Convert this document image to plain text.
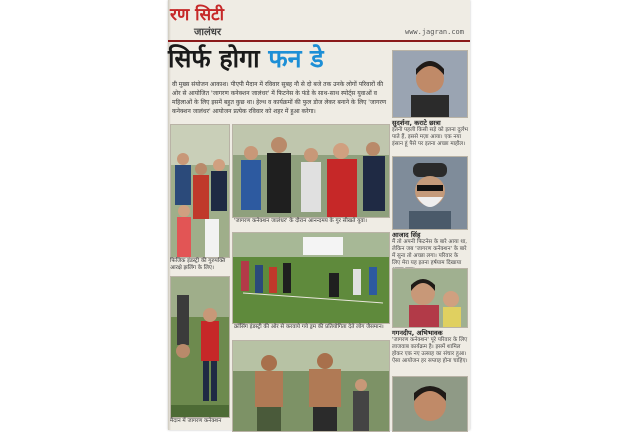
रण सिटी
जालंधर	www.jagran.com
सिर्फ होगा फन डे
वी मुख्य संयोजन आकाश। पीएपी मैदान में रविवार सुबह नौ से दो बजे तक उनके लोगों परिवारों की ओर से आयोजित 'जागरण कनेक्शन जालंधर' में फिटनेस के फंडे के साथ-साथ स्पोर्ट्स युवाओं व महिलाओं के लिए इसमें बहुत कुछ था। हेल्थ व कार्यक्रमों की फुल डोज लेकर बनाने के लिए 'जागरण कनेक्शन जालंधर' आयोजन प्रत्येक रविवार को शहर में हुआ करेगा।
फिजिक इंडस्ट्री की गुरुपक्ति आरक्षे झलिंग के लिए।
'जागरण कनेक्शन जालंधर' के दौरान आनन्दमय के गुर सीखते युवा।
क्रॉसिंग इंडस्ट्री की ओर से करवाये गये ड्रम की प्रतियोगिता देते लोग जैसमान।
मैदान में जागरण कनेक्शन
सुदर्शना, कराटे छात्रा
इतनी पहली किसी सड़े को इतना दुर्लभ पाते हैं, इससे मज़ा आया। एक नया इंसान हूं पैसे पर इतना अच्छा माहौल।
आजाद सिंह
मैं तो अपनी फिटनेस के बारे आया था, लेकिन जब 'जागरण कनेक्शन' के बारे में सुना तो अच्छा लगा। परिवार के लिए मेरा यह इतना हर्षयाम दिखाया
गगनदीप, अभिभावक
'जागरण कनेक्शन' पूरे परिवार के लिए लाजवाब कार्यक्रम है। इसमें शामिल होकर एक नए उत्साह का संचार हुआ। ऐसा आयोजन हर सप्ताह होना चाहिए।
